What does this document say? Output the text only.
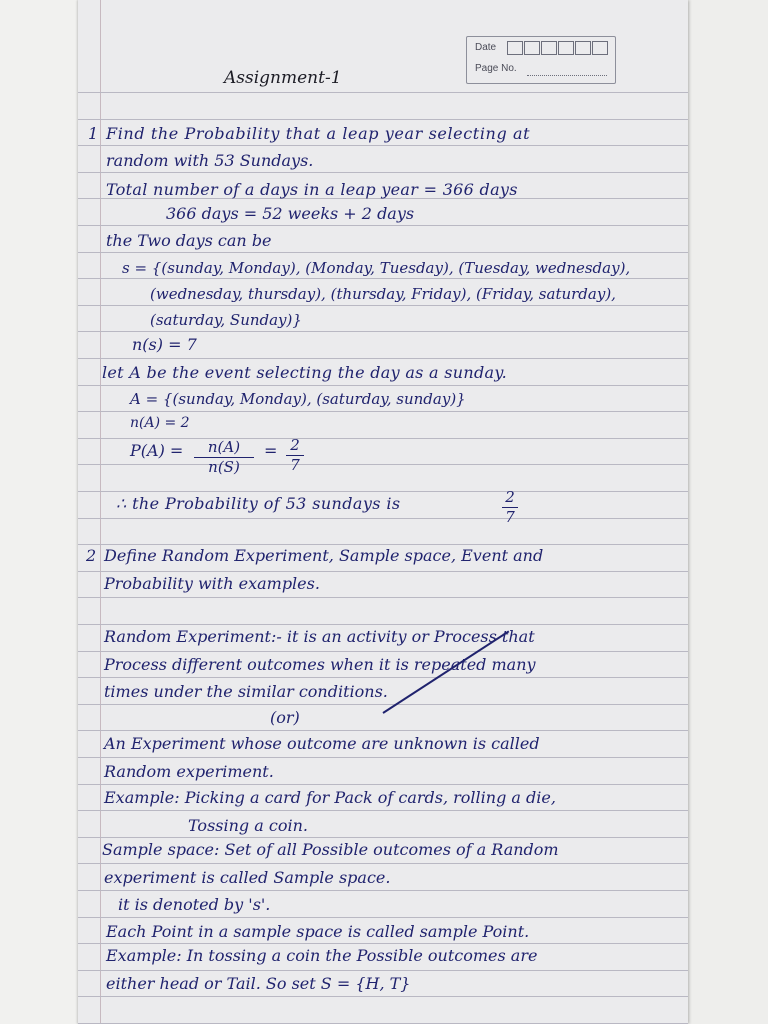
Date
Page No.
Assignment-1
1 Find the Probability that a leap year selecting at
random with 53 Sundays.
Total number of a days in a leap year = 366 days
366 days = 52 weeks + 2 days
the Two days can be
s = {(sunday, Monday), (Monday, Tuesday), (Tuesday, wednesday),
(wednesday, thursday), (thursday, Friday), (Friday, saturday),
(saturday, Sunday)}
n(s) = 7
let A be the event selecting the day as a sunday.
A = {(sunday, Monday), (saturday, sunday)}
n(A) = 2
P(A) =	n(A)
n(S)
= 2
7
∴ the Probability of 53 sundays is	2
7
2 Define Random Experiment, Sample space, Event and
Probability with examples.
Random Experiment:- it is an activity or Process that
Process different outcomes when it is repeated many
times under the similar conditions.
(or)
An Experiment whose outcome are unknown is called
Random experiment.
Example: Picking a card for Pack of cards, rolling a die,
Tossing a coin.
Sample space: Set of all Possible outcomes of a Random
experiment is called Sample space.
it is denoted by 's'.
Each Point in a sample space is called sample Point.
Example: In tossing a coin the Possible outcomes are
either head or Tail. So set S = {H, T}
